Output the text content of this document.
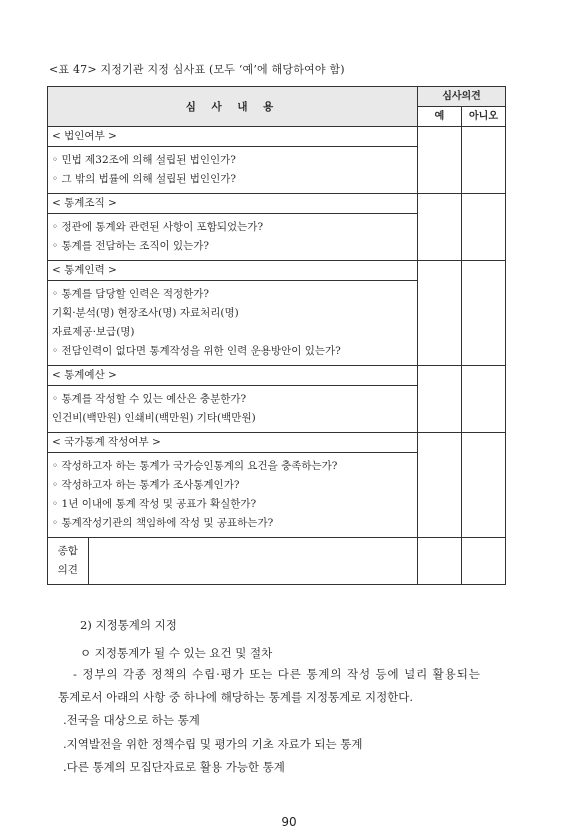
<표 47> 지정기관 지정 심사표 (모두 ‘예’에 해당하여야 함)
심 사 내 용	심사의견
예	아니오
< 법인여부 >		

◦ 민법 제32조에 의해 설립된 법인인가?
◦ 그 밖의 법률에 의해 설립된 법인인가?

< 통계조직 >		

◦ 정관에 통계와 관련된 사항이 포함되었는가?
◦ 통계를 전담하는 조직이 있는가?

< 통계인력 >		

◦ 통계를 담당할 인력은 적정한가?
기획·분석(명) 현장조사(명) 자료처리(명)
자료제공·보급(명)
◦ 전담인력이 없다면 통계작성을 위한 인력 운용방안이 있는가?

< 통계예산 >		

◦ 통계를 작성할 수 있는 예산은 충분한가?
인건비(백만원) 인쇄비(백만원) 기타(백만원)

< 국가통계 작성여부 >		

◦ 작성하고자 하는 통계가 국가승인통계의 요건을 충족하는가?
◦ 작성하고자 하는 통계가 조사통계인가?
◦ 1년 이내에 통계 작성 및 공표가 확실한가?
◦ 통계작성기관의 책임하에 작성 및 공표하는가?

종합
의견

2) 지정통계의 지정
ㅇ 지정통계가 될 수 있는 요건 및 절차
- 정부의 각종 정책의 수립·평가 또는 다른 통계의 작성 등에 널리 활용되는
통계로서 아래의 사항 중 하나에 해당하는 통계를 지정통계로 지정한다.
.전국을 대상으로 하는 통계
.지역발전을 위한 정책수립 및 평가의 기초 자료가 되는 통계
.다른 통계의 모집단자료로 활용 가능한 통계
90
